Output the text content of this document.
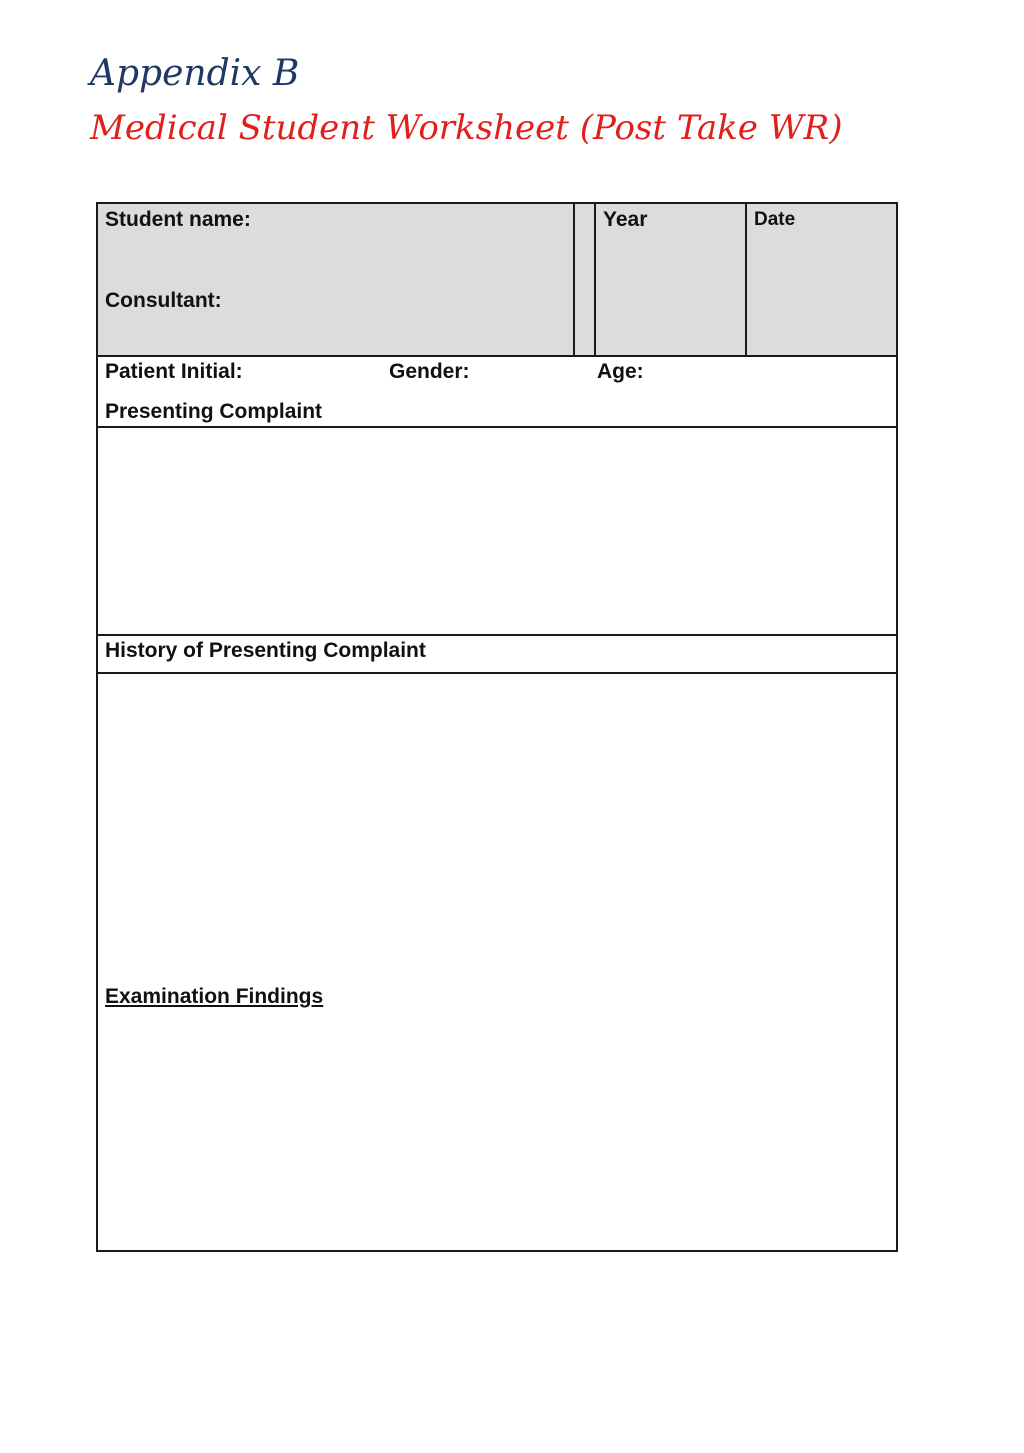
Appendix B
Medical Student Worksheet (Post Take WR)
Student name:
Consultant:
Year	Date
Patient Initial:	Gender:	Age:
Presenting Complaint
History of Presenting Complaint
Examination Findings
